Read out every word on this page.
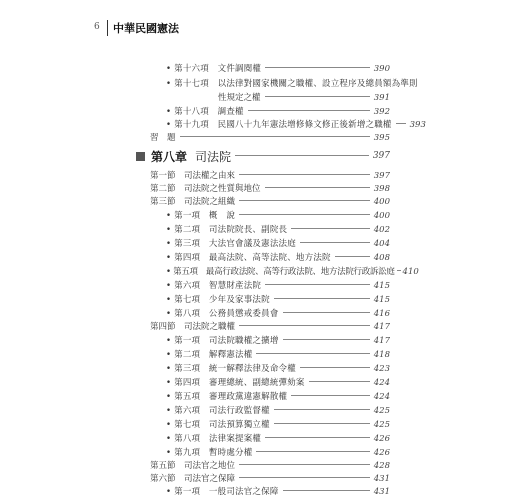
6 中華民國憲法
• 第十六項　文件調閱權	390
• 第十七項　以法律對國家機關之職權、設立程序及總員額為準則
性規定之權	391
• 第十八項　調查權	392
• 第十九項　民國八十九年憲法增修條文修正後新增之職權 393
習　題	395
第八章 司法院	397
第一節　司法權之由來	397
第二節　司法院之性質與地位	398
第三節　司法院之組織	400
• 第一項　概　說	400
• 第二項　司法院院長、副院長	402
• 第三項　大法官會議及憲法法庭	404
• 第四項　最高法院、高等法院、地方法院	408
• 第五項　最高行政法院、高等行政法院、地方法院行政訴訟庭 410
• 第六項　智慧財產法院	415
• 第七項　少年及家事法院	415
• 第八項　公務員懲戒委員會	416
第四節　司法院之職權	417
• 第一項　司法院職權之擴增	417
• 第二項　解釋憲法權	418
• 第三項　統一解釋法律及命令權	423
• 第四項　審理總統、副總統彈劾案	424
• 第五項　審理政黨違憲解散權	424
• 第六項　司法行政監督權	425
• 第七項　司法預算獨立權	425
• 第八項　法律案提案權	426
• 第九項　暫時處分權	426
第五節　司法官之地位	428
第六節　司法官之保障	431
• 第一項　一般司法官之保障	431
